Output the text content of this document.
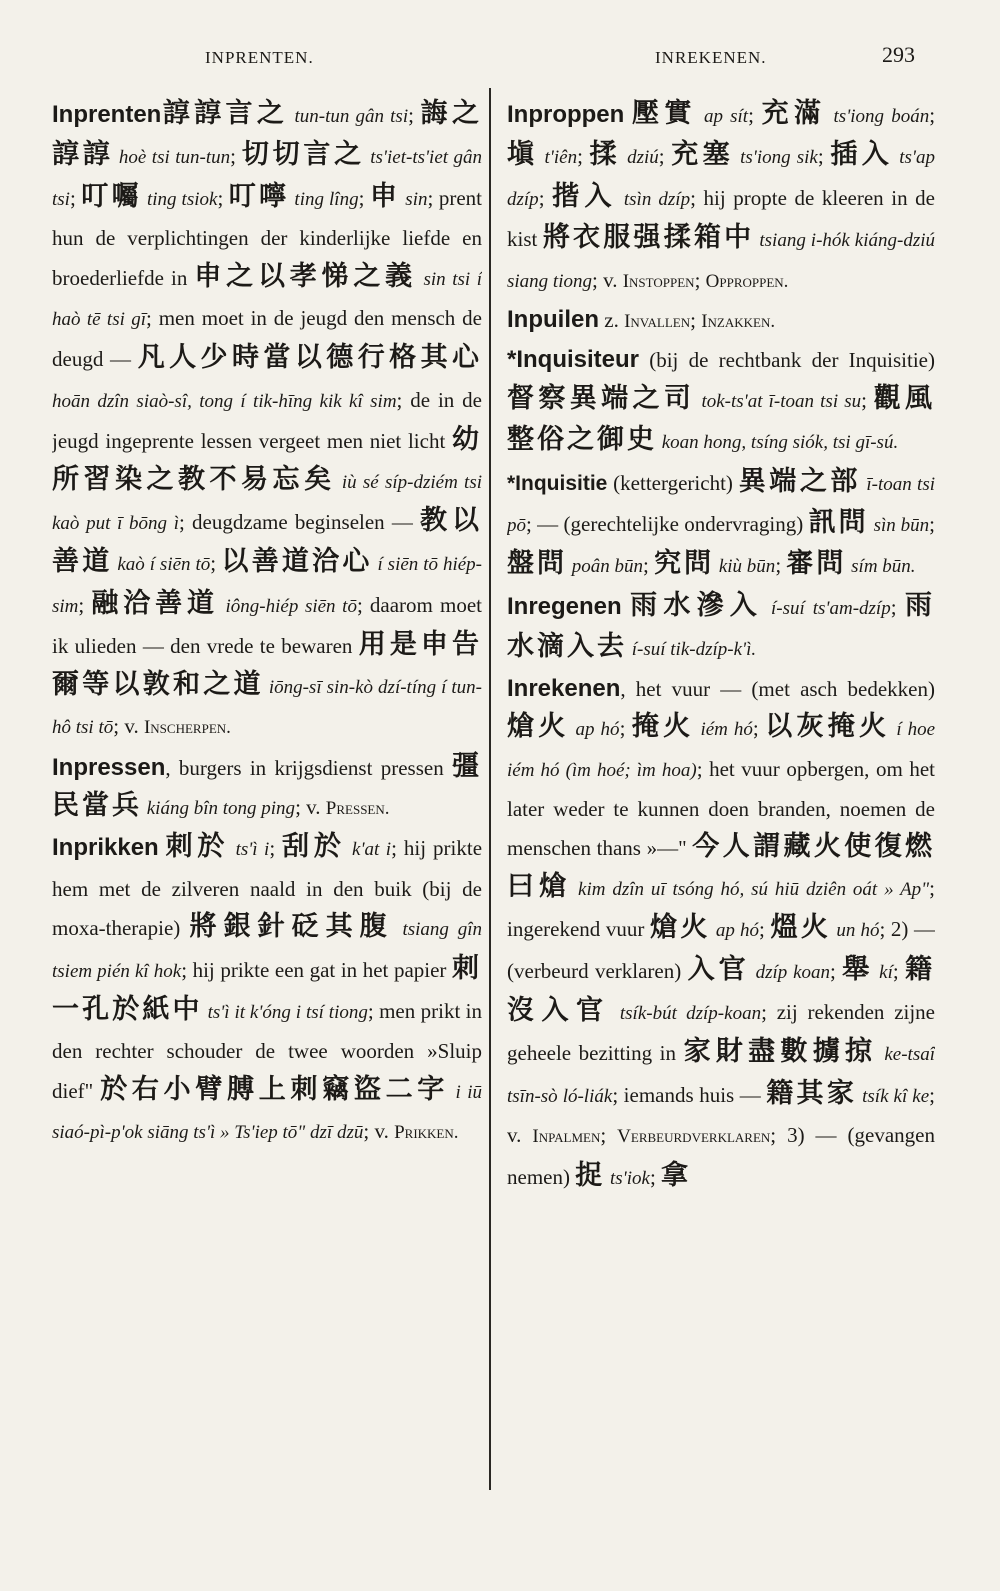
INPRENTEN.	INREKENEN.	293

Inprenten諄諄言之 tun-tun gân tsi; 誨之諄諄 hoè tsi tun-tun; 切切言之 ts'iet-ts'iet gân tsi; 叮囑 ting tsiok; 叮嚀 ting lîng; 申 sin; prent hun de verplichtingen der kinderlijke liefde en broederliefde in 申之以孝悌之義 sin tsi í haò tē tsi gī; men moet in de jeugd den mensch de deugd — 凡人少時當以德行格其心 hoān dzîn siaò-sî, tong í tik-hīng kik kî sim; de in de jeugd ingeprente lessen vergeet men niet licht 幼所習染之教不易忘矣 iù sé síp-dziém tsi kaò put ī bōng ì; deugdzame beginselen — 教以善道 kaò í siēn tō; 以善道洽心 í siēn tō hiép-sim; 融洽善道 iông-hiép siēn tō; daarom moet ik ulieden — den vrede te bewaren 用是申告爾等以敦和之道 iōng-sī sin-kò dzí-tíng í tun-hô tsi tō; v. Inscherpen.

Inpressen, burgers in krijgsdienst pressen 彊民當兵 kiáng bîn tong ping; v. Pressen.

Inprikken 刺於 ts'ì i; 刮於 k'at i; hij prikte hem met de zilveren naald in den buik (bij de moxa-therapie) 將銀針砭其腹 tsiang gîn tsiem pién kî hok; hij prikte een gat in het papier 刺一孔於紙中 ts'ì it k'óng i tsí tiong; men prikt in den rechter schouder de twee woorden »Sluip dief" 於右小臂膊上刺竊盜二字 i iū siaó-pì-p'ok siāng ts'ì » Ts'iep tō" dzī dzū; v. Prikken.

Inproppen 壓實 ap sít; 充滿 ts'iong boán; 塡 t'iên; 揉 dziú; 充塞 ts'iong sik; 插入 ts'ap dzíp; 揩入 tsìn dzíp; hij propte de kleeren in de kist 將衣服强揉箱中 tsiang i-hók kiáng-dziú siang tiong; v. Instoppen; Opproppen.

Inpuilen z. Invallen; Inzakken.

*Inquisiteur (bij de rechtbank der Inquisitie) 督察異端之司 tok-ts'at ī-toan tsi su; 觀風整俗之御史 koan hong, tsíng siók, tsi gī-sú.

*Inquisitie (kettergericht) 異端之部 ī-toan tsi pō; — (gerechtelijke ondervraging) 訊問 sìn būn; 盤問 poân būn; 究問 kiù būn; 審問 sím būn.

Inregenen 雨水滲入 í-suí ts'am-dzíp; 雨水滴入去 í-suí tik-dzíp-k'ì.

Inrekenen, het vuur — (met asch bedekken) 熗火 ap hó; 掩火 iém hó; 以灰掩火 í hoe iém hó (ìm hoé; ìm hoa); het vuur opbergen, om het later weder te kunnen doen branden, noemen de menschen thans »—" 今人謂藏火使復燃曰熗 kim dzîn uī tsóng hó, sú hiū dziên oát » Ap"; ingerekend vuur 熗火 ap hó; 熅火 un hó; 2) — (verbeurd verklaren) 入官 dzíp koan; 舉 kí; 籍沒入官 tsík-bút dzíp-koan; zij rekenden zijne geheele bezitting in 家財盡數擄掠 ke-tsaî tsīn-sò ló-liák; iemands huis — 籍其家 tsík kî ke; v. Inpalmen; Verbeurdverklaren; 3) — (gevangen nemen) 捉 ts'iok; 拿
